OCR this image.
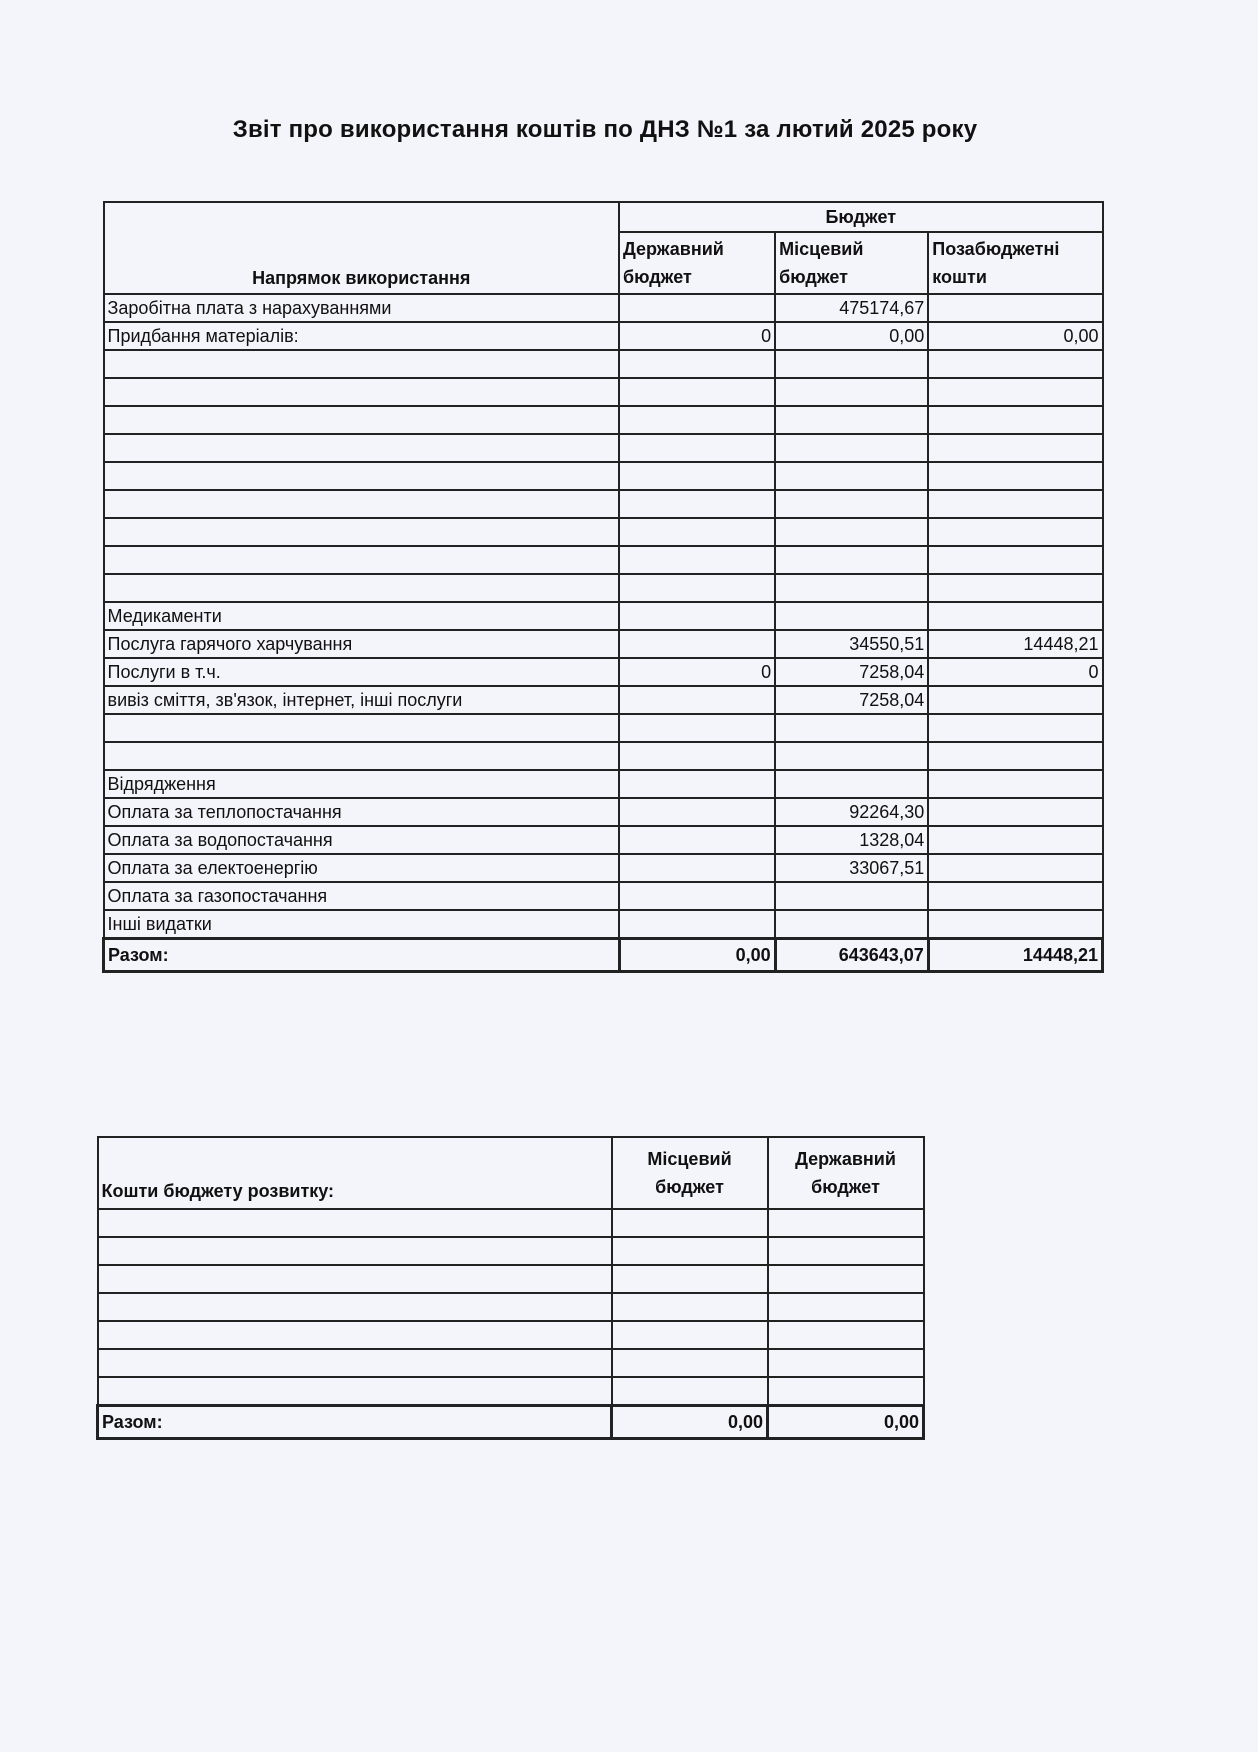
Звіт про використання коштів по ДНЗ №1 за лютий 2025 року
Напрямок використання	Бюджет		
	Державний бюджет	Місцевий бюджет	Позабюджетні кошти
Заробітна плата з нарахуваннями		475174,67	
Придбання матеріалів:	0	0,00	0,00

Медикаменти			
Послуга гарячого харчування		34550,51	14448,21
Послуги в т.ч.	0	7258,04	0
вивіз сміття, зв'язок, інтернет, інші послуги		7258,04	

Відрядження			
Оплата за теплопостачання		92264,30	
Оплата за водопостачання		1328,04	
Оплата за електоенергію		33067,51	
Оплата за газопостачання			
Інші видатки			
Разом:	0,00	643643,07	14448,21
Кошти бюджету розвитку:	Місцевий бюджет	Державний бюджет

Разом:	0,00	0,00
